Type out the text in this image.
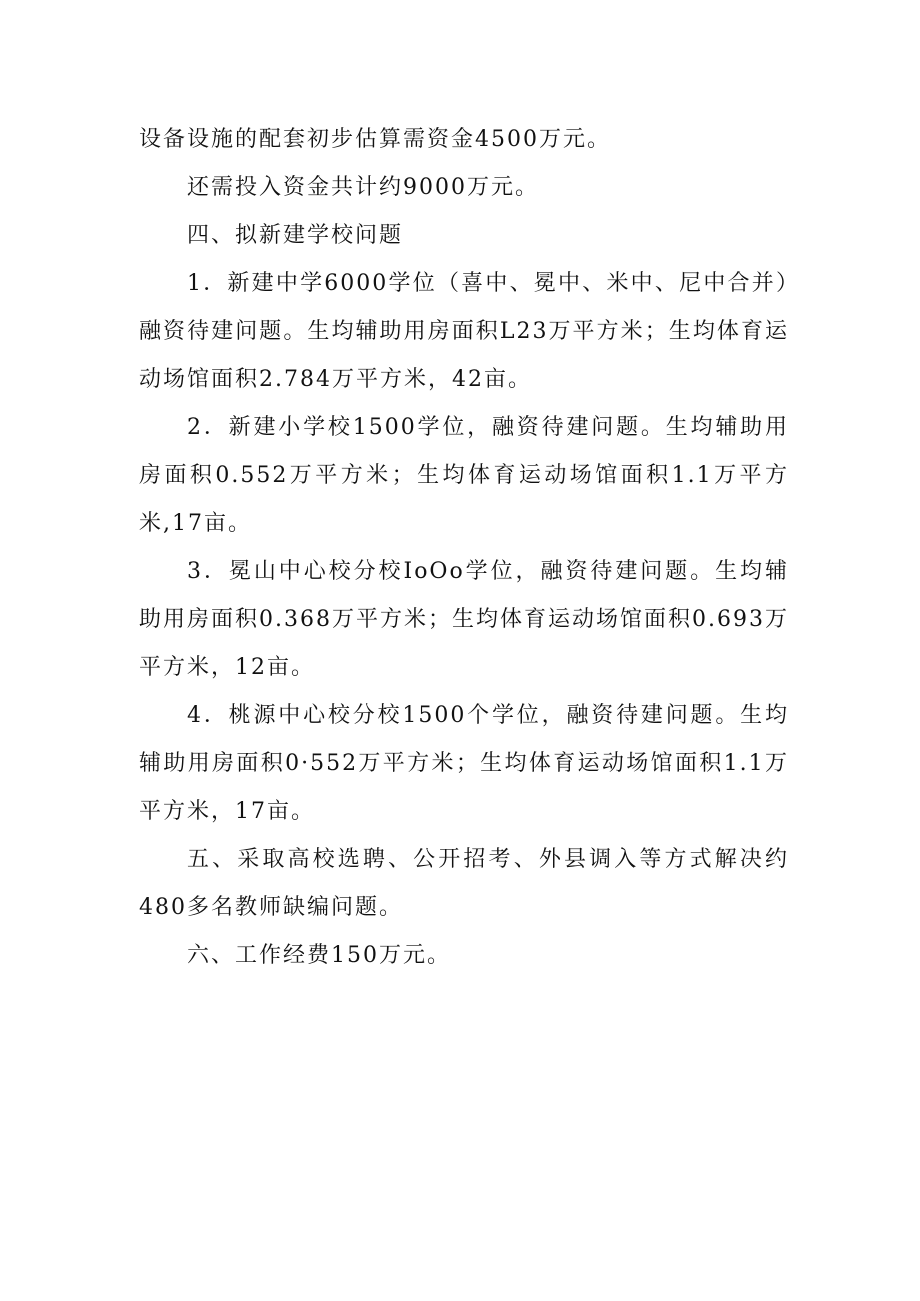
设备设施的配套初步估算需资金4500万元。

还需投入资金共计约9000万元。

四、拟新建学校问题

1．新建中学6000学位（喜中、冕中、米中、尼中合并）融资待建问题。生均辅助用房面积L23万平方米；生均体育运动场馆面积2.784万平方米，42亩。

2．新建小学校1500学位，融资待建问题。生均辅助用房面积0.552万平方米；生均体育运动场馆面积1.1万平方米,17亩。

3．冕山中心校分校IoOo学位，融资待建问题。生均辅助用房面积0.368万平方米；生均体育运动场馆面积0.693万平方米，12亩。

4．桃源中心校分校1500个学位，融资待建问题。生均辅助用房面积0·552万平方米；生均体育运动场馆面积1.1万平方米，17亩。

五、采取高校选聘、公开招考、外县调入等方式解决约480多名教师缺编问题。

六、工作经费150万元。
